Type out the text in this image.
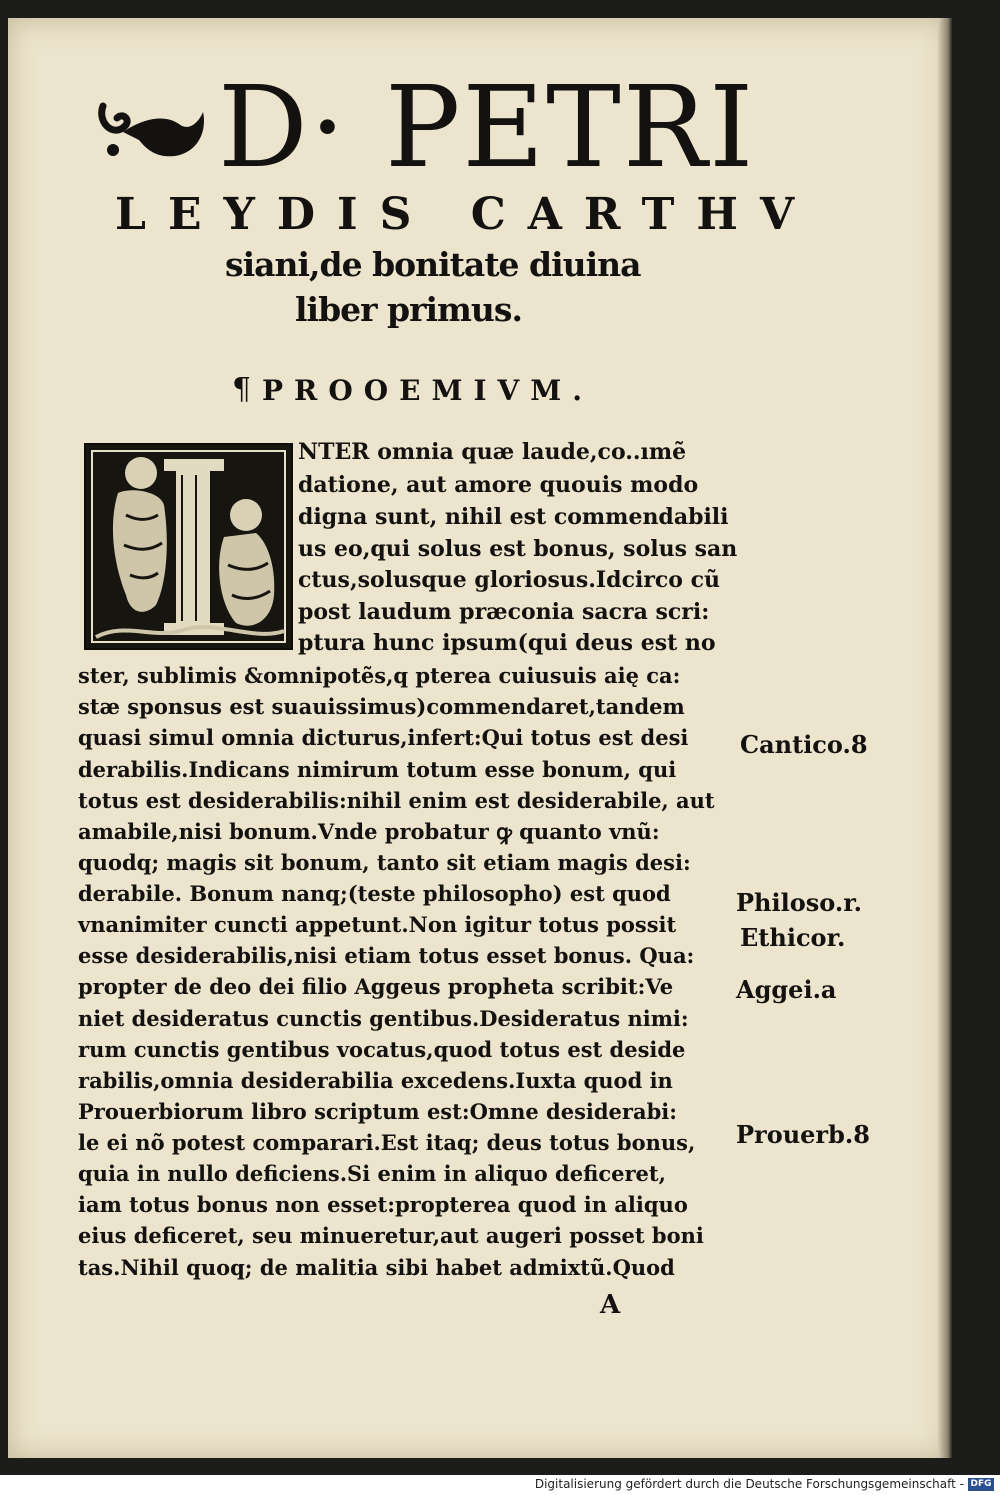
D· PETRI
LEYDIS CARTHV
siani,de bonitate diuina
liber primus.
¶ PROOEMIVM.
NTER omnia quæ laude,co..ımẽ
datione, aut amore quouis modo
digna sunt, nihil est commendabili
us eo,qui solus est bonus, solus san
ctus,solusque gloriosus.Idcirco cũ
post laudum præconia sacra scri:
ptura hunc ipsum(qui deus est no
ster, sublimis &omnipotẽs,q pterea cuiusuis aię ca:
stæ sponsus est suauissimus)commendaret,tandem
quasi simul omnia dicturus,infert:Qui totus est desi
derabilis.Indicans nimirum totum esse bonum, qui
totus est desiderabilis:nihil enim est desiderabile, aut
amabile,nisi bonum.Vnde probatur ꝙ quanto vnũ:
quodq; magis sit bonum, tanto sit etiam magis desi:
derabile. Bonum nanq;(teste philosopho) est quod
vnanimiter cuncti appetunt.Non igitur totus possit
esse desiderabilis,nisi etiam totus esset bonus. Qua:
propter de deo dei filio Aggeus propheta scribit:Ve
niet desideratus cunctis gentibus.Desideratus nimi:
rum cunctis gentibus vocatus,quod totus est deside
rabilis,omnia desiderabilia excedens.Iuxta quod in
Prouerbiorum libro scriptum est:Omne desiderabi:
le ei nõ potest comparari.Est itaq; deus totus bonus,
quia in nullo deficiens.Si enim in aliquo deficeret,
iam totus bonus non esset:propterea quod in aliquo
eius deficeret, seu minueretur,aut augeri posset boni
tas.Nihil quoq; de malitia sibi habet admixtũ.Quod
Cantico.8
Philoso.r.
Ethicor.
Aggei.a
Prouerb.8
A
Digitalisierung gefördert durch die Deutsche Forschungsgemeinschaft - DFG
